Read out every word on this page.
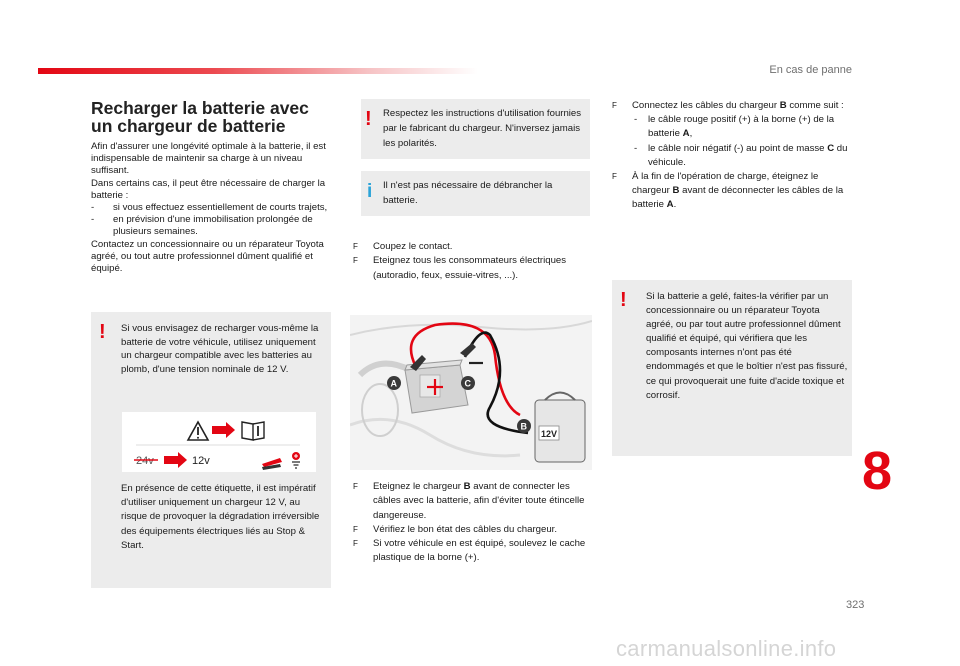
En cas de panne
Recharger la batterie avec un chargeur de batterie
Afin d'assurer une longévité optimale à la batterie, il est indispensable de maintenir sa charge à un niveau suffisant.
Dans certains cas, il peut être nécessaire de charger la batterie :
-	si vous effectuez essentiellement de courts trajets,
-	en prévision d'une immobilisation prolongée de plusieurs semaines.
Contactez un concessionnaire ou un réparateur Toyota agréé, ou tout autre professionnel dûment qualifié et équipé.
! Si vous envisagez de recharger vous-même la batterie de votre véhicule, utilisez uniquement un chargeur compatible avec les batteries au plomb, d'une tension nominale de 12 V.
En présence de cette étiquette, il est impératif d'utiliser uniquement un chargeur 12 V, au risque de provoquer la dégradation irréversible des équipements électriques liés au Stop & Start.
24v	12v
! Respectez les instructions d'utilisation fournies par le fabricant du chargeur. N'inversez jamais les polarités.
i Il n'est pas nécessaire de débrancher la batterie.
F	Coupez le contact.
F	Eteignez tous les consommateurs électriques (autoradio, feux, essuie-vitres, ...).
12V
A	C
B
F	Eteignez le chargeur B avant de connecter les câbles avec la batterie, afin d'éviter toute étincelle dangereuse.
F	Vérifiez le bon état des câbles du chargeur.
F	Si votre véhicule en est équipé, soulevez le cache plastique de la borne (+).
F	Connectez les câbles du chargeur B comme suit :
-	le câble rouge positif (+) à la borne (+) de la batterie A,
-	le câble noir négatif (-) au point de masse C du véhicule.
F	À la fin de l'opération de charge, éteignez le chargeur B avant de déconnecter les câbles de la batterie A.
! Si la batterie a gelé, faites-la vérifier par un concessionnaire ou un réparateur Toyota agréé, ou par tout autre professionnel dûment qualifié et équipé, qui vérifiera que les composants internes n'ont pas été endommagés et que le boîtier n'est pas fissuré, ce qui provoquerait une fuite d'acide toxique et corrosif.
8
323
carmanualsonline.info
